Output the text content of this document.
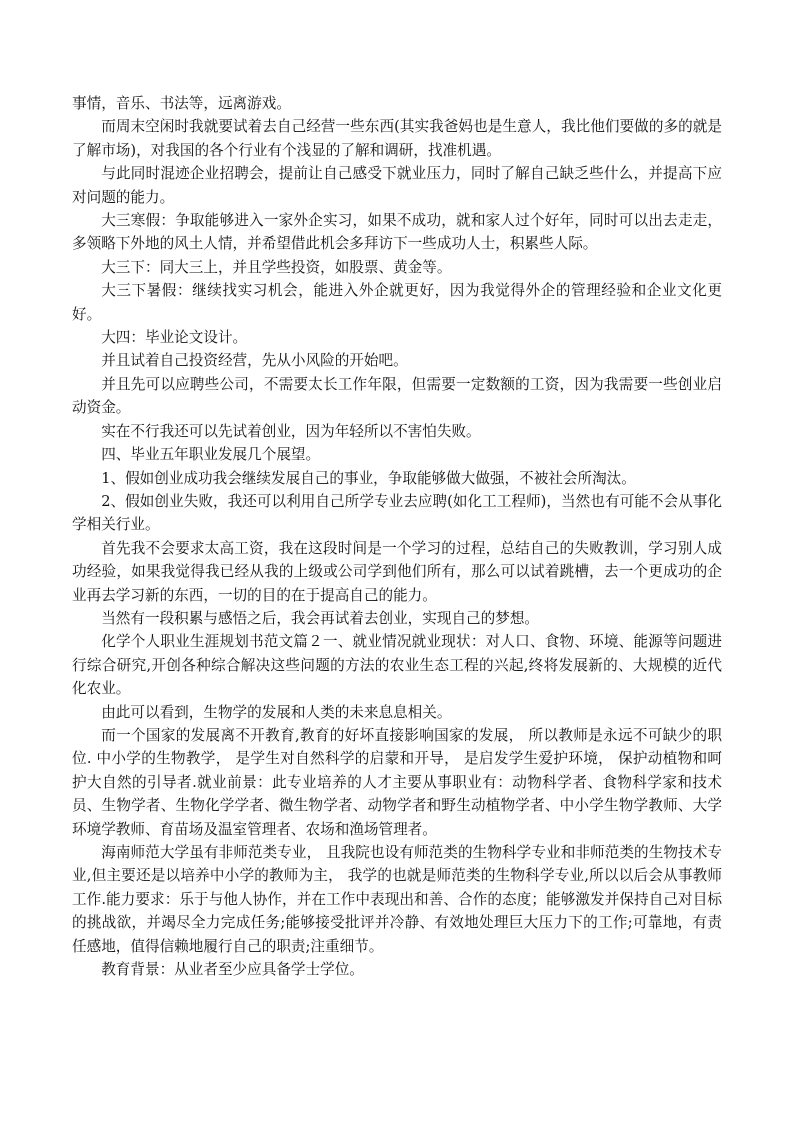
事情，音乐、书法等，远离游戏。

而周末空闲时我就要试着去自己经营一些东西(其实我爸妈也是生意人，我比他们要做的多的就是了解市场)，对我国的各个行业有个浅显的了解和调研，找准机遇。

与此同时混迹企业招聘会，提前让自己感受下就业压力，同时了解自己缺乏些什么，并提高下应对问题的能力。

大三寒假：争取能够进入一家外企实习，如果不成功，就和家人过个好年，同时可以出去走走，多领略下外地的风土人情，并希望借此机会多拜访下一些成功人士，积累些人际。

大三下：同大三上，并且学些投资，如股票、黄金等。

大三下暑假：继续找实习机会，能进入外企就更好，因为我觉得外企的管理经验和企业文化更好。

大四：毕业论文设计。

并且试着自己投资经营，先从小风险的开始吧。

并且先可以应聘些公司，不需要太长工作年限，但需要一定数额的工资，因为我需要一些创业启动资金。

实在不行我还可以先试着创业，因为年轻所以不害怕失败。

四、毕业五年职业发展几个展望。

1、假如创业成功我会继续发展自己的事业，争取能够做大做强，不被社会所淘汰。

2、假如创业失败，我还可以利用自己所学专业去应聘(如化工工程师)，当然也有可能不会从事化学相关行业。

首先我不会要求太高工资，我在这段时间是一个学习的过程，总结自己的失败教训，学习别人成功经验，如果我觉得我已经从我的上级或公司学到他们所有，那么可以试着跳槽，去一个更成功的企业再去学习新的东西，一切的目的在于提高自己的能力。

当然有一段积累与感悟之后，我会再试着去创业，实现自己的梦想。

化学个人职业生涯规划书范文篇２一、就业情况就业现状：对人口、食物、环境、能源等问题进行综合研究,开创各种综合解决这些问题的方法的农业生态工程的兴起,终将发展新的、大规模的近代化农业。

由此可以看到，生物学的发展和人类的未来息息相关。

而一个国家的发展离不开教育,教育的好坏直接影响国家的发展， 所以教师是永远不可缺少的职位. 中小学的生物教学， 是学生对自然科学的启蒙和开导， 是启发学生爱护环境， 保护动植物和呵护大自然的引导者.就业前景：此专业培养的人才主要从事职业有：动物科学者、食物科学家和技术员、生物学者、生物化学学者、微生物学者、动物学者和野生动植物学者、中小学生物学教师、大学环境学教师、育苗场及温室管理者、农场和渔场管理者。

海南师范大学虽有非师范类专业， 且我院也设有师范类的生物科学专业和非师范类的生物技术专业,但主要还是以培养中小学的教师为主， 我学的也就是师范类的生物科学专业,所以以后会从事教师工作.能力要求：乐于与他人协作，并在工作中表现出和善、合作的态度；能够激发并保持自己对目标的挑战欲，并竭尽全力完成任务;能够接受批评并冷静、有效地处理巨大压力下的工作;可靠地，有责任感地，值得信赖地履行自己的职责;注重细节。

教育背景：从业者至少应具备学士学位。
